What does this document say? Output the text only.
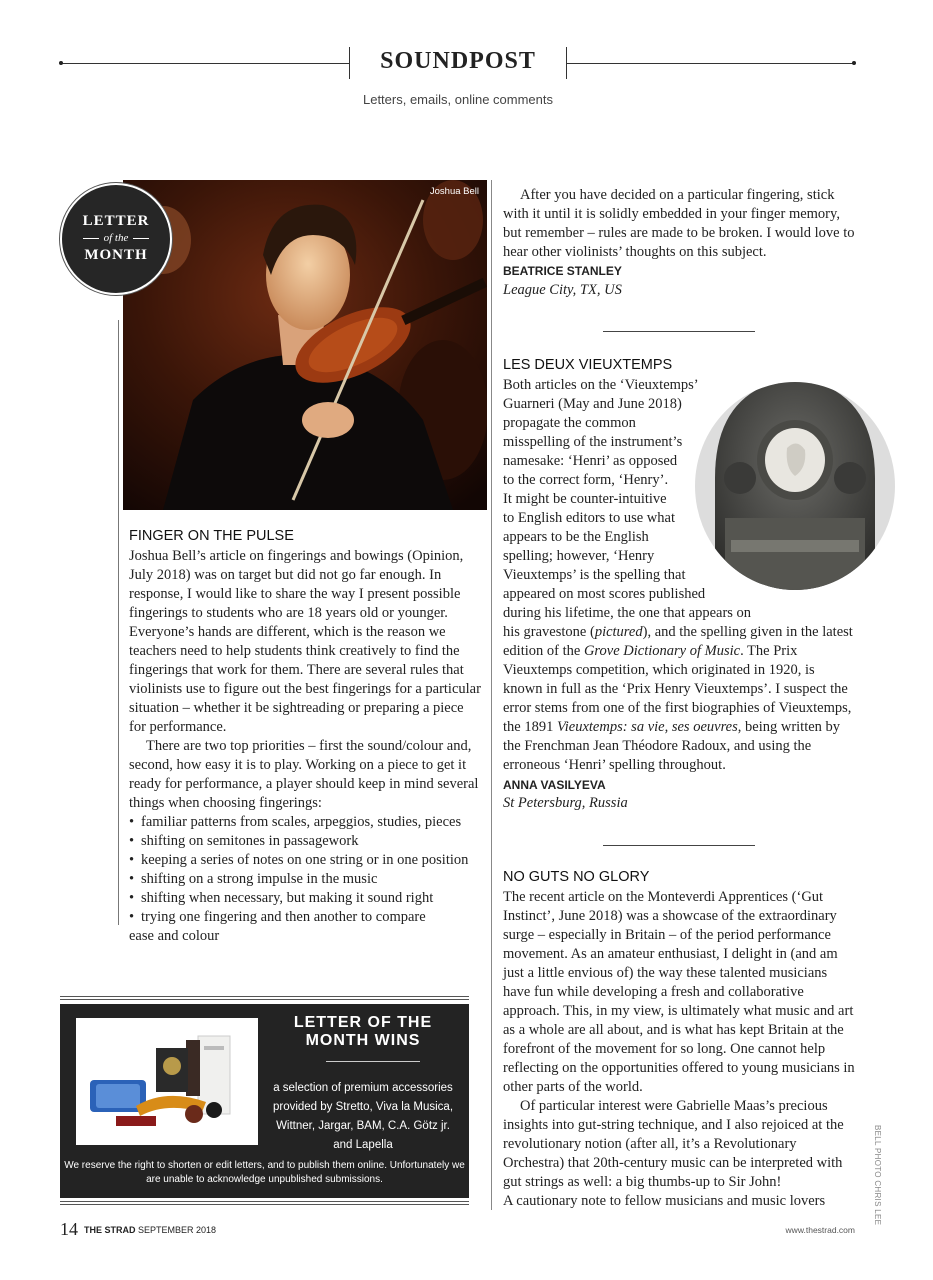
SOUNDPOST
Letters, emails, online comments
Joshua Bell
LETTER
of the
MONTH
FINGER ON THE PULSE

Joshua Bell’s article on fingerings and bowings (Opinion, July 2018) was on target but did not go far enough. In response, I would like to share the way I present possible fingerings to students who are 18 years old or younger. Everyone’s hands are different, which is the reason we teachers need to help students think creatively to find the fingerings that work for them. There are several rules that violinists use to figure out the best fingerings for a particular situation – whether it be sightreading or preparing a piece for performance.

There are two top priorities – first the sound/colour and, second, how easy it is to play. Working on a piece to get it ready for performance, a player should keep in mind several things when choosing fingerings:

• familiar patterns from scales, arpeggios, studies, pieces
• shifting on semitones in passagework
• keeping a series of notes on one string or in one position
• shifting on a strong impulse in the music
• shifting when necessary, but making it sound right
• trying one fingering and then another to compare

ease and colour

After you have decided on a particular fingering, stick with it until it is solidly embedded in your finger memory, but remember – rules are made to be broken. I would love to hear other violinists’ thoughts on this subject.

BEATRICE STANLEY
League City, TX, US
LES DEUX VIEUXTEMPS
Both articles on the ‘Vieuxtemps’
Guarneri (May and June 2018)
propagate the common
misspelling of the instrument’s
namesake: ‘Henri’ as opposed
to the correct form, ‘Henry’.
It might be counter-intuitive
to English editors to use what
appears to be the English
spelling; however, ‘Henry
Vieuxtemps’ is the spelling that
appeared on most scores published
during his lifetime, the one that appears on

his gravestone (pictured), and the spelling given in the latest edition of the Grove Dictionary of Music. The Prix Vieuxtemps competition, which originated in 1920, is known in full as the ‘Prix Henry Vieuxtemps’. I suspect the error stems from one of the first biographies of Vieuxtemps, the 1891 Vieuxtemps: sa vie, ses oeuvres, being written by the Frenchman Jean Théodore Radoux, and using the erroneous ‘Henri’ spelling throughout.

ANNA VASILYEVA
St Petersburg, Russia
NO GUTS NO GLORY

The recent article on the Monteverdi Apprentices (‘Gut Instinct’, June 2018) was a showcase of the extraordinary surge – especially in Britain – of the period performance movement. As an amateur enthusiast, I delight in (and am just a little envious of) the way these talented musicians have fun while developing a fresh and collaborative approach. This, in my view, is ultimately what music and art as a whole are all about, and is what has kept Britain at the forefront of the movement for so long. One cannot help reflecting on the opportunities offered to young musicians in other parts of the world.

Of particular interest were Gabrielle Maas’s precious insights into gut-string technique, and I also rejoiced at the revolutionary notion (after all, it’s a Revolutionary Orchestra) that 20th-century music can be interpreted with gut strings as well: a big thumbs-up to Sir John!

A cautionary note to fellow musicians and music lovers

LETTER OF THE MONTH WINS
a selection of premium accessories provided by Stretto, Viva la Musica, Wittner, Jargar, BAM, C.A. Götz jr. and Lapella
We reserve the right to shorten or edit letters, and to publish them online. Unfortunately we are unable to acknowledge unpublished submissions.
14 THE STRAD SEPTEMBER 2018	www.thestrad.com
BELL PHOTO CHRIS LEE
